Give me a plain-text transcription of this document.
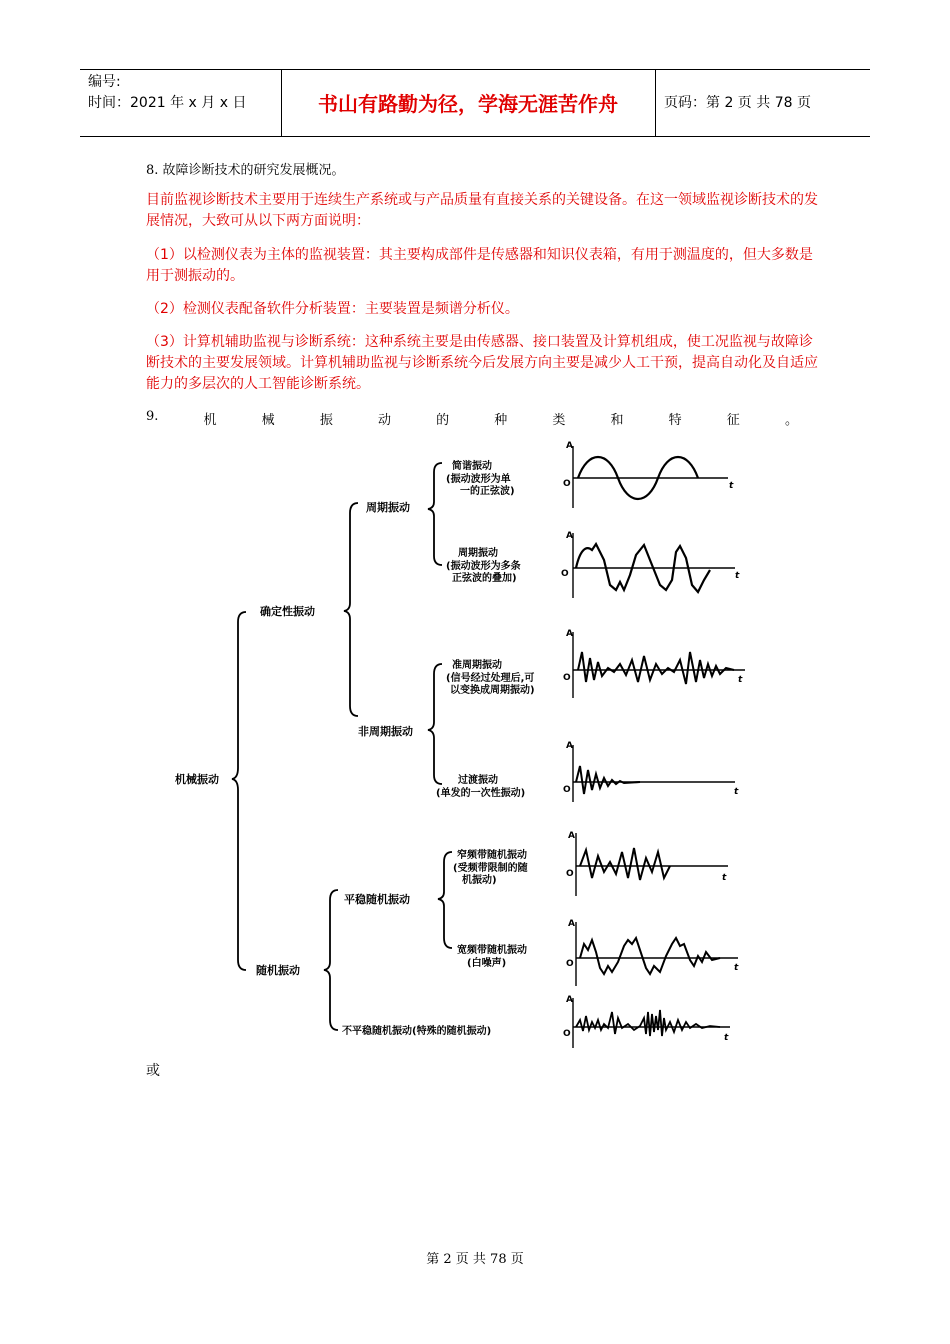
编号:
时间：2021 年 x 月 x 日	书山有路勤为径，学海无涯苦作舟	页码：第 2 页 共 78 页
8. 故障诊断技术的研究发展概况。
目前监视诊断技术主要用于连续生产系统或与产品质量有直接关系的关键设备。在这一领域监视诊断技术的发展情况，大致可从以下两方面说明：
（1）以检测仪表为主体的监视装置：其主要构成部件是传感器和知识仪表箱，有用于测温度的，但大多数是用于测振动的。
（2）检测仪表配备软件分析装置：主要装置是频谱分析仪。
（3）计算机辅助监视与诊断系统：这种系统主要是由传感器、接口装置及计算机组成，使工况监视与故障诊断技术的主要发展领域。计算机辅助监视与诊断系统今后发展方向主要是减少人工干预，提高自动化及自适应能力的多层次的人工智能诊断系统。
9.	机	械	振	动	的	种	类	和	特	征	。
机械振动
确定性振动
周期振动
非周期振动
随机振动
平稳随机振动
简谐振动
(振动波形为单
一的正弦波)
周期振动
(振动波形为多条
正弦波的叠加)
准周期振动
(信号经过处理后,可
以变换成周期振动)
过渡振动
(单发的一次性振动)
窄频带随机振动
(受频带限制的随
机振动)
宽频带随机振动
(白噪声)
不平稳随机振动(特殊的随机振动)
A
O	t
A
O	t
A
O	t
A
O	t
A
O	t
A
O	t
A
O	t
或
第 2 页 共 78 页
